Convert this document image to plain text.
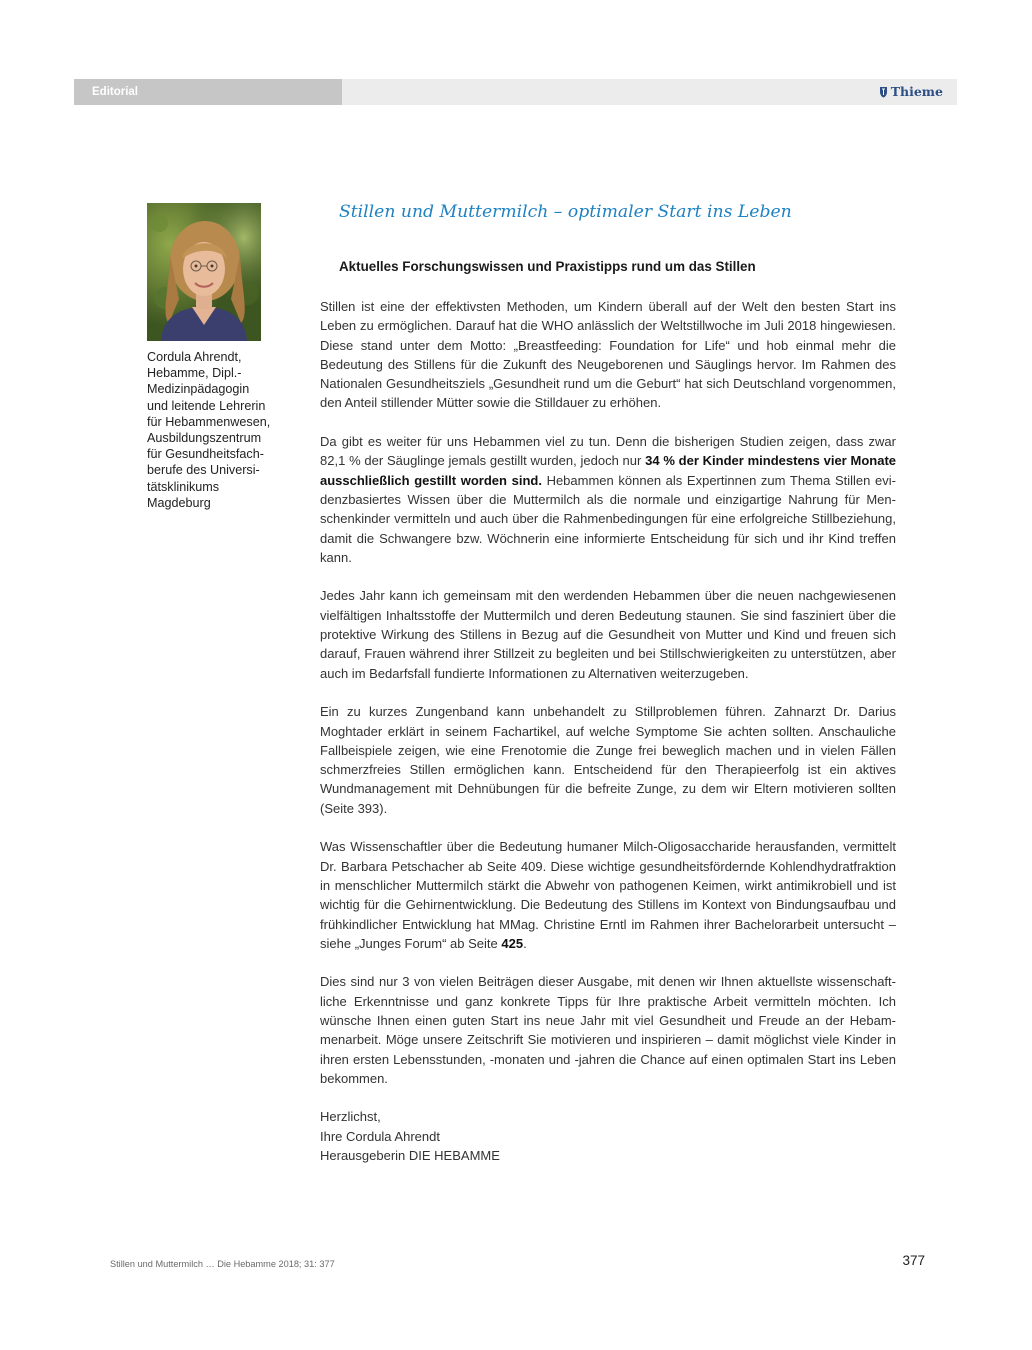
Editorial	Thieme
Cordula Ahrendt,
Hebamme, Dipl.-
Medizinpädagogin
und leitende Lehrerin
für Hebammenwesen,
Ausbildungszentrum
für Gesundheitsfach-
berufe des Universi-
tätsklinikums
Magdeburg
Stillen und Muttermilch – optimaler Start ins Leben
Aktuelles Forschungswissen und Praxistipps rund um das Stillen

Stillen ist eine der effektivsten Methoden, um Kindern überall auf der Welt den besten Start ins Leben zu ermöglichen. Darauf hat die WHO anlässlich der Weltstillwoche im Juli 2018 hingewiesen. Diese stand unter dem Motto: „Breastfeeding: Foundation for Life“ und hob einmal mehr die Bedeutung des Stillens für die Zukunft des Neugeborenen und Säuglings hervor. Im Rahmen des Nationalen Gesundheitsziels „Gesundheit rund um die Geburt“ hat sich Deutschland vorgenommen, den Anteil stillender Mütter sowie die Stilldauer zu erhöhen.

Da gibt es weiter für uns Hebammen viel zu tun. Denn die bisherigen Studien zeigen, dass zwar 82,1 % der Säuglinge jemals gestillt wurden, jedoch nur 34 % der Kinder mindestens vier Monate ausschließlich gestillt worden sind. Hebammen können als Expertinnen zum Thema Stillen evidenzbasiertes Wissen über die Muttermilch als die normale und einzigartige Nahrung für Menschenkinder vermitteln und auch über die Rahmenbedingungen für eine erfolgreiche Stillbeziehung, damit die Schwangere bzw. Wöchnerin eine informierte Entscheidung für sich und ihr Kind treffen kann.

Jedes Jahr kann ich gemeinsam mit den werdenden Hebammen über die neuen nachgewiesenen vielfältigen Inhaltsstoffe der Muttermilch und deren Bedeutung staunen. Sie sind fasziniert über die protektive Wirkung des Stillens in Bezug auf die Gesundheit von Mutter und Kind und freuen sich darauf, Frauen während ihrer Stillzeit zu begleiten und bei Stillschwierigkeiten zu unterstützen, aber auch im Bedarfsfall fundierte Informationen zu Alternativen weiterzugeben.

Ein zu kurzes Zungenband kann unbehandelt zu Stillproblemen führen. Zahnarzt Dr. Darius Moghtader erklärt in seinem Fachartikel, auf welche Symptome Sie achten sollten. Anschauliche Fallbeispiele zeigen, wie eine Frenotomie die Zunge frei beweglich machen und in vielen Fällen schmerzfreies Stillen ermöglichen kann. Entscheidend für den Therapieerfolg ist ein aktives Wundmanagement mit Dehnübungen für die befreite Zunge, zu dem wir Eltern motivieren sollten (Seite 393).

Was Wissenschaftler über die Bedeutung humaner Milch-Oligosaccharide herausfanden, vermittelt Dr. Barbara Petschacher ab Seite 409. Diese wichtige gesundheitsfördernde Kohlendhydratfraktion in menschlicher Muttermilch stärkt die Abwehr von pathogenen Keimen, wirkt antimikrobiell und ist wichtig für die Gehirnentwicklung. Die Bedeutung des Stillens im Kontext von Bindungsaufbau und frühkindlicher Entwicklung hat MMag. Christine Erntl im Rahmen ihrer Bachelorarbeit untersucht – siehe „Junges Forum“ ab Seite 425.

Dies sind nur 3 von vielen Beiträgen dieser Ausgabe, mit denen wir Ihnen aktuellste wissenschaftliche Erkenntnisse und ganz konkrete Tipps für Ihre praktische Arbeit vermitteln möchten. Ich wünsche Ihnen einen guten Start ins neue Jahr mit viel Gesundheit und Freude an der Hebammenarbeit. Möge unsere Zeitschrift Sie motivieren und inspirieren – damit möglichst viele Kinder in ihren ersten Lebensstunden, -monaten und -jahren die Chance auf einen optimalen Start ins Leben bekommen.

Herzlichst,
Ihre Cordula Ahrendt
Herausgeberin DIE HEBAMME
Stillen und Muttermilch … Die Hebamme 2018; 31: 377	377
